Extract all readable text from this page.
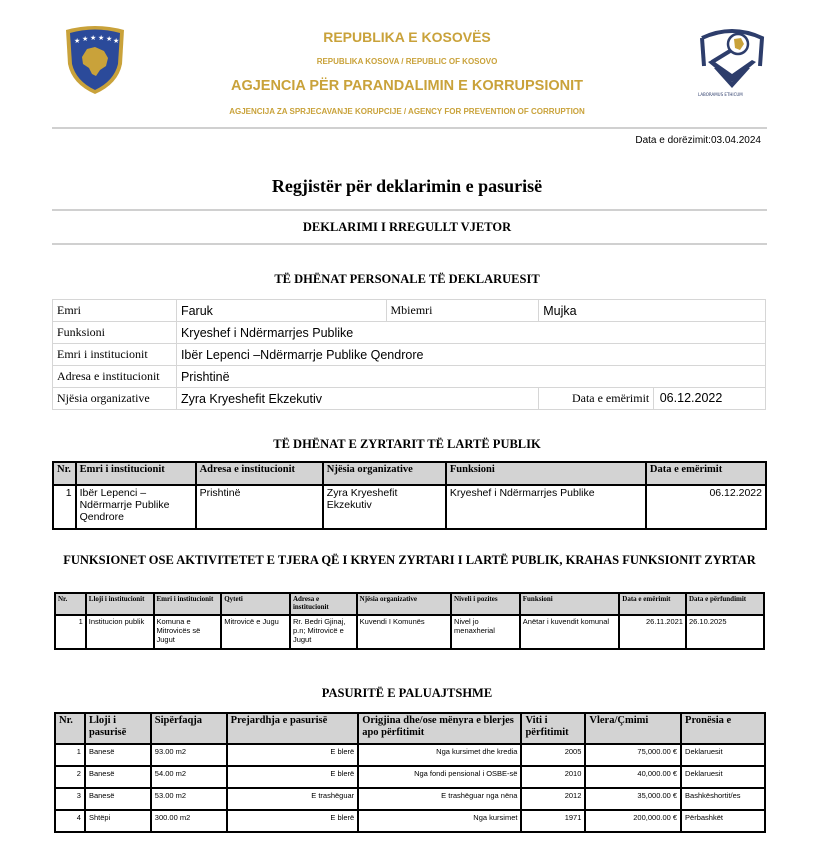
★ ★ ★ ★ ★ ★
LABORAMUS ETHICUM
REPUBLIKA E KOSOVËS
REPUBLIKA KOSOVA / REPUBLIC OF KOSOVO
AGJENCIA PËR PARANDALIMIN E KORRUPSIONIT
AGJENCIJA ZA SPRJECAVANJE KORUPCIJE / AGENCY FOR PREVENTION OF CORRUPTION
Data e dorëzimit:03.04.2024
Regjistër për deklarimin e pasurisë
DEKLARIMI I RREGULLT VJETOR
TË DHËNAT PERSONALE TË DEKLARUESIT
Emri	Faruk	Mbiemri	Mujka
Funksioni	Kryeshef i Ndërmarrjes Publike		
Emri i institucionit	Ibër Lepenci –Ndërmarrje Publike Qendrore		
Adresa e institucionit	Prishtinë		
Njësia organizative	Zyra Kryeshefit Ekzekutiv		Data e emërimit 06.12.2022
TË DHËNAT E ZYRTARIT TË LARTË PUBLIK
Nr.	Emri i institucionit	Adresa e institucionit	Njësia organizative	Funksioni	Data e emërimit
1	Ibër Lepenci –Ndërmarrje Publike Qendrore	Prishtinë	Zyra Kryeshefit Ekzekutiv	Kryeshef i Ndërmarrjes Publike	06.12.2022
FUNKSIONET OSE AKTIVITETET E TJERA QË I KRYEN ZYRTARI I LARTË PUBLIK, KRAHAS FUNKSIONIT ZYRTAR
Nr.	Lloji i institucionit	Emri i institucionit	Qyteti	Adresa e institucionit	Njësia organizative	Niveli i pozites	Funksioni	Data e emërimit	Data e përfundimit
1	Institucion publik	Komuna e Mitrovicës së Jugut	Mitrovicë e Jugu	Rr. Bedri Gjinaj, p.n; Mitrovicë e Jugut	Kuvendi I Komunës	Nivel jo menaxherial	Anëtar i kuvendit komunal	26.11.2021	26.10.2025
PASURITË E PALUAJTSHME
Nr.	Lloji i pasurisë	Sipërfaqja	Prejardhja e pasurisë	Origjina dhe/ose mënyra e blerjes apo përfitimit	Viti i përfitimit	Vlera/Çmimi	Pronësia e
1	Banesë	93.00 m2	E blerë	Nga kursimet dhe kredia	2005	75,000.00 €	Deklaruesit
2	Banesë	54.00 m2	E blerë	Nga fondi pensional i OSBE-së	2010	40,000.00 €	Deklaruesit
3	Banesë	53.00 m2	E trashëguar	E trashëguar nga nëna	2012	35,000.00 €	Bashkëshortit/es
4	Shtëpi	300.00 m2	E blerë	Nga kursimet	1971	200,000.00 €	Përbashkët
